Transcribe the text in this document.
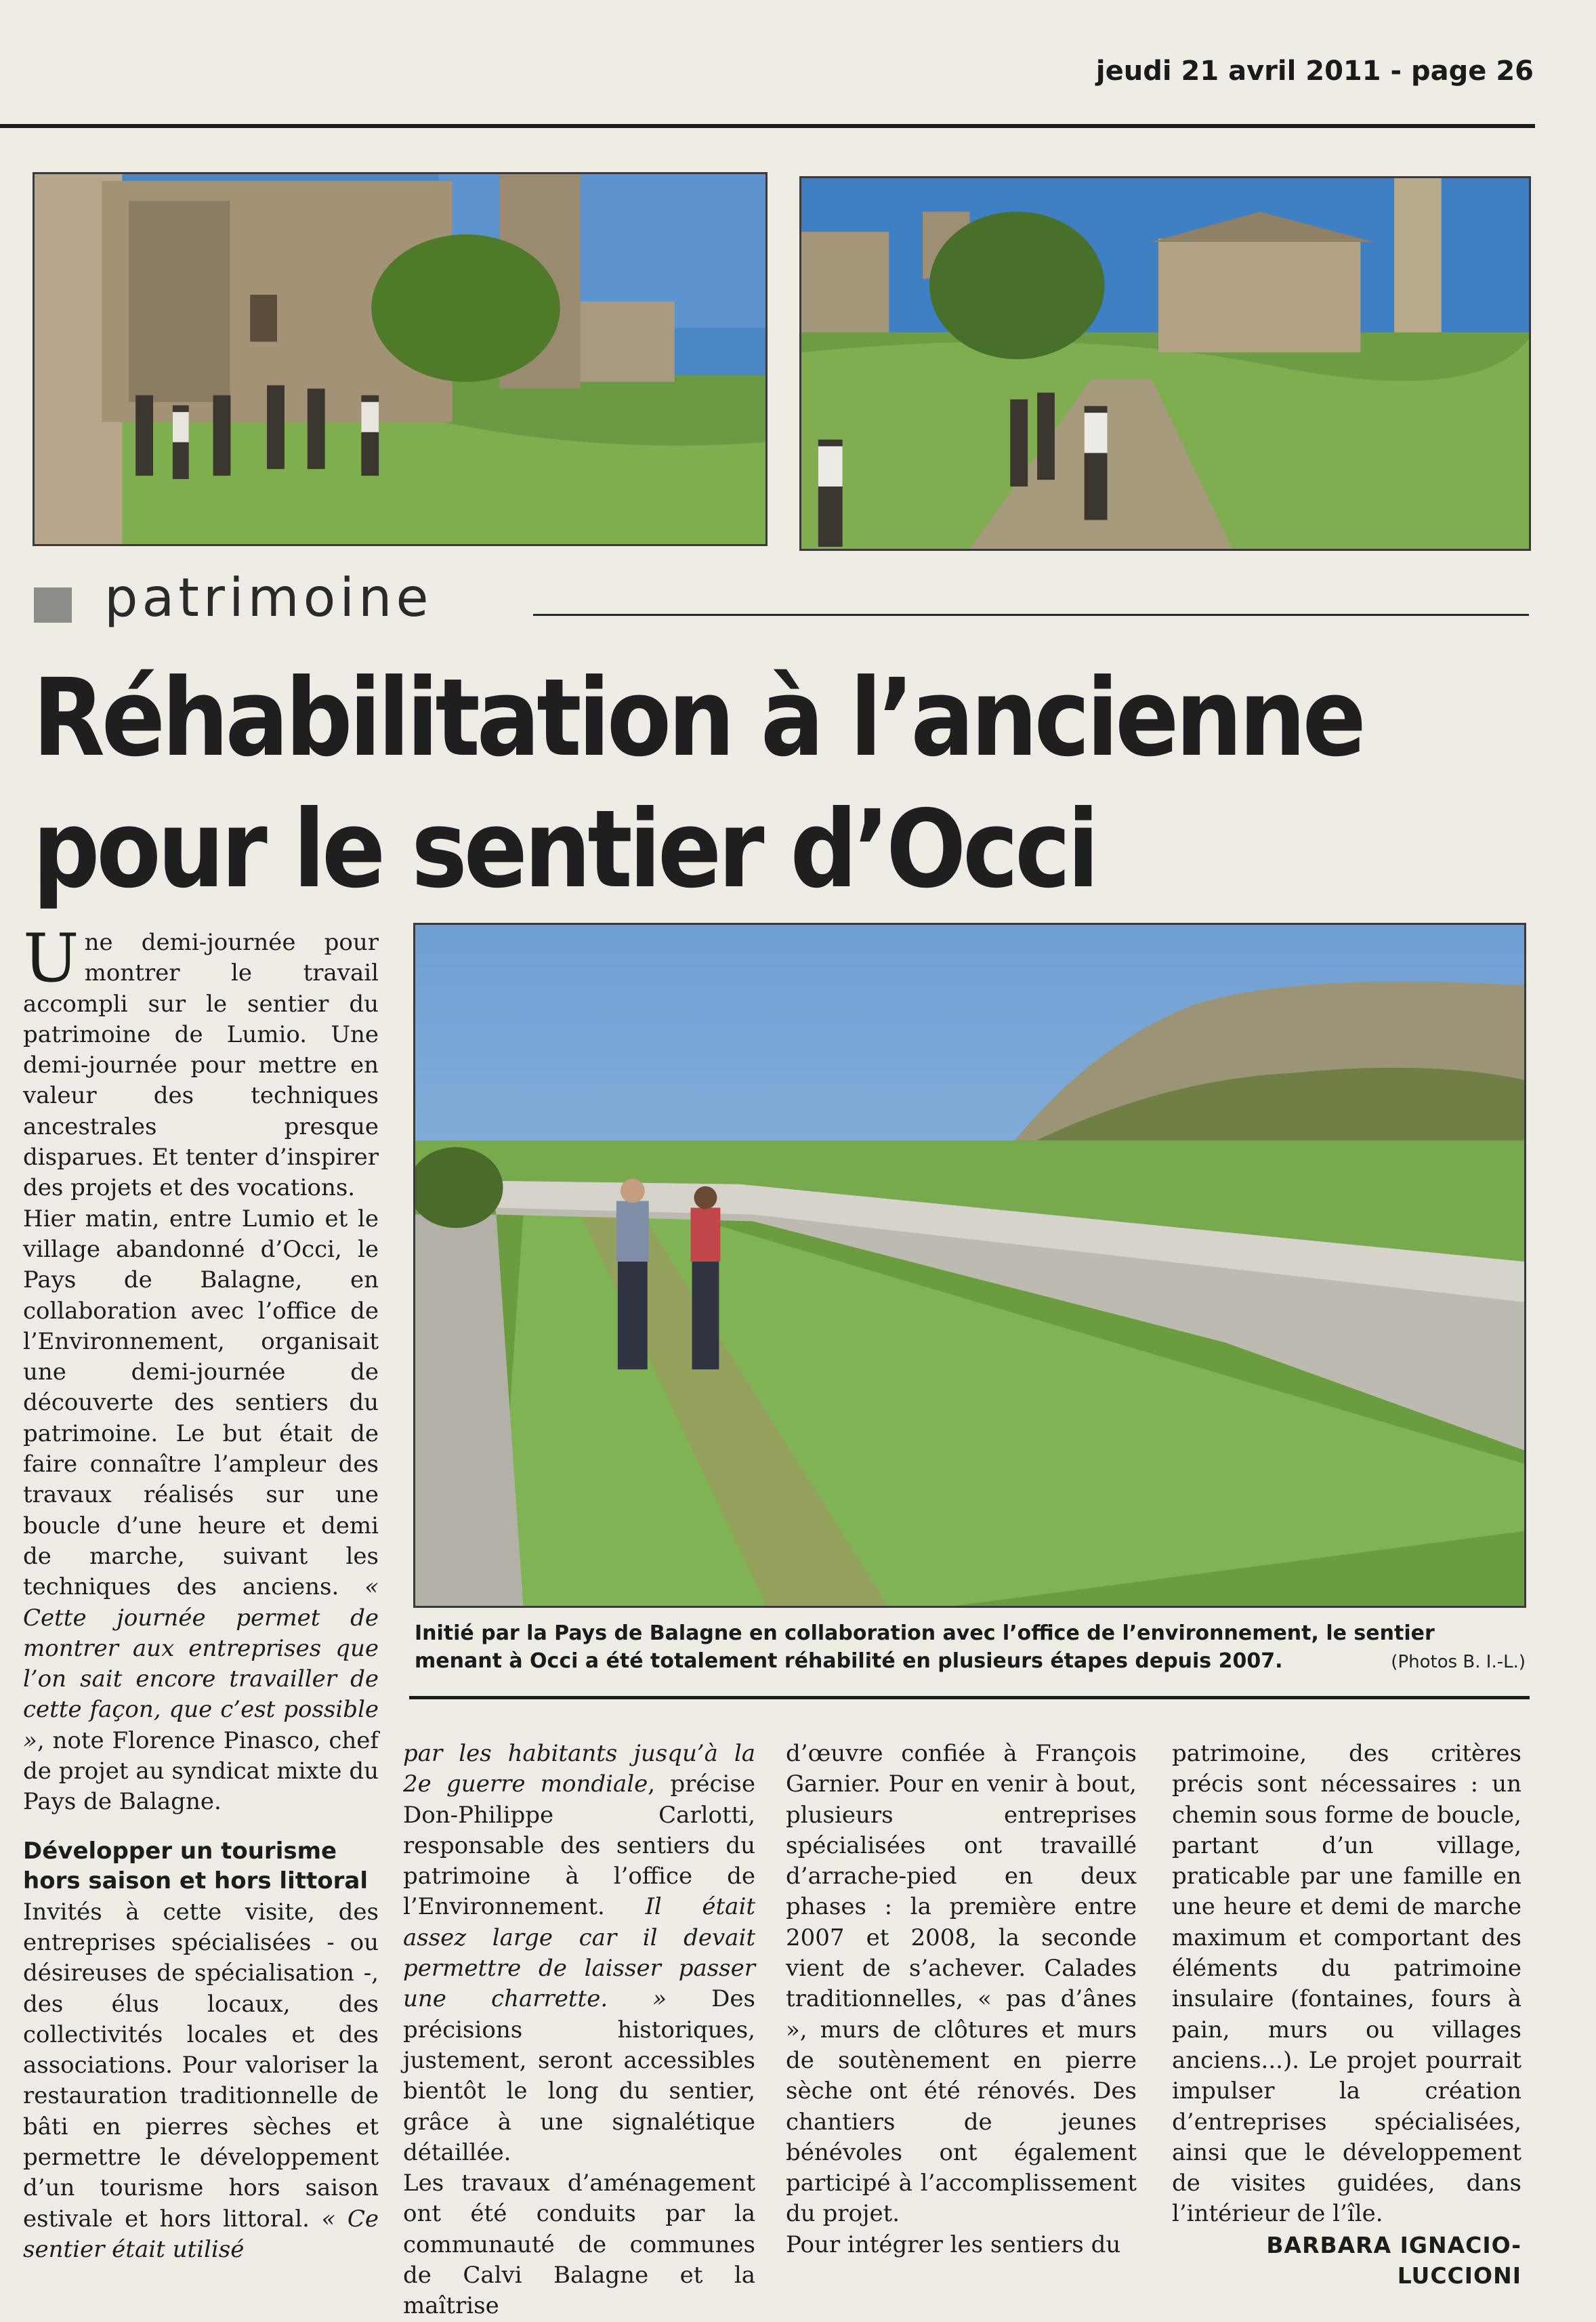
jeudi 21 avril 2011 - page 26
patrimoine
Réhabilitation à l’ancienne
pour le sentier d’Occi
Initié par la Pays de Balagne en collaboration avec l’office de l’environnement, le sentier menant à Occi a été totalement réhabilité en plusieurs étapes depuis 2007.	(Photos B. I.-L.)

Une demi-journée pour montrer le travail accompli sur le sentier du patrimoine de Lumio. Une demi-journée pour mettre en valeur des techniques ancestrales presque disparues. Et tenter d’inspirer des projets et des vocations.

Hier matin, entre Lumio et le village abandonné d’Occi, le Pays de Balagne, en collaboration avec l’office de l’Environnement, organisait une demi-journée de découverte des sentiers du patrimoine. Le but était de faire connaître l’ampleur des travaux réalisés sur une boucle d’une heure et demi de marche, suivant les techniques des anciens. « Cette journée permet de montrer aux entreprises que l’on sait encore travailler de cette façon, que c’est possible », note Florence Pinasco, chef de projet au syndicat mixte du Pays de Balagne.

Développer un tourisme hors saison et hors littoral

Invités à cette visite, des entreprises spécialisées - ou désireuses de spécialisation -, des élus locaux, des collectivités locales et des associations. Pour valoriser la restauration traditionnelle de bâti en pierres sèches et permettre le développement d’un tourisme hors saison estivale et hors littoral. « Ce sentier était utilisé

par les habitants jusqu’à la 2e guerre mondiale, précise Don-Philippe Carlotti, responsable des sentiers du patrimoine à l’office de l’Environnement. Il était assez large car il devait permettre de laisser passer une charrette. » Des précisions historiques, justement, seront accessibles bientôt le long du sentier, grâce à une signalétique détaillée.

Les travaux d’aménagement ont été conduits par la communauté de communes de Calvi Balagne et la maîtrise

d’œuvre confiée à François Garnier. Pour en venir à bout, plusieurs entreprises spécialisées ont travaillé d’arrache-pied en deux phases : la première entre 2007 et 2008, la seconde vient de s’achever. Calades traditionnelles, « pas d’ânes », murs de clôtures et murs de soutènement en pierre sèche ont été rénovés. Des chantiers de jeunes bénévoles ont également participé à l’accomplissement du projet.

Pour intégrer les sentiers du

patrimoine, des critères précis sont nécessaires : un chemin sous forme de boucle, partant d’un village, praticable par une famille en une heure et demi de marche maximum et comportant des éléments du patrimoine insulaire (fontaines, fours à pain, murs ou villages anciens...). Le projet pourrait impulser la création d’entreprises spécialisées, ainsi que le développement de visites guidées, dans l’intérieur de l’île.

BARBARA IGNACIO-LUCCIONI
